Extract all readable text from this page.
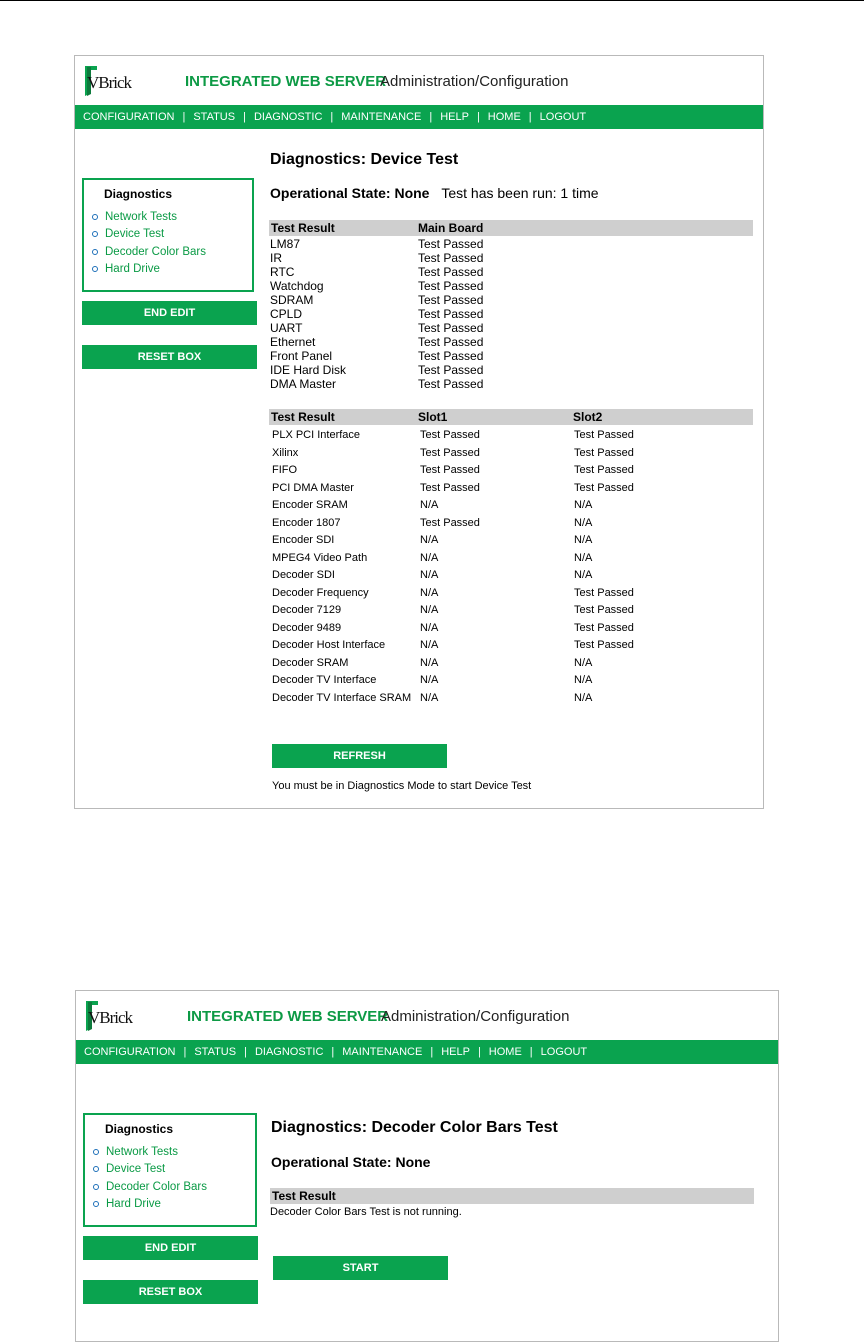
VBrick	INTEGRATED WEB SERVER
Administration/Configuration
CONFIGURATION | STATUS | DIAGNOSTIC | MAINTENANCE | HELP | HOME | LOGOUT
Diagnostics
Network Tests
Device Test
Decoder Color Bars
Hard Drive
END EDIT
RESET BOX
Diagnostics: Device Test
Operational State: None Test has been run: 1 time
Test Result	Main Board
LM87	Test Passed
IR	Test Passed
RTC	Test Passed
Watchdog	Test Passed
SDRAM	Test Passed
CPLD	Test Passed
UART	Test Passed
Ethernet	Test Passed
Front Panel	Test Passed
IDE Hard Disk	Test Passed
DMA Master	Test Passed
Test Result	Slot1	Slot2
PLX PCI Interface	Test Passed	Test Passed
Xilinx	Test Passed	Test Passed
FIFO	Test Passed	Test Passed
PCI DMA Master	Test Passed	Test Passed
Encoder SRAM	N/A	N/A
Encoder 1807	Test Passed	N/A
Encoder SDI	N/A	N/A
MPEG4 Video Path	N/A	N/A
Decoder SDI	N/A	N/A
Decoder Frequency	N/A	Test Passed
Decoder 7129	N/A	Test Passed
Decoder 9489	N/A	Test Passed
Decoder Host Interface	N/A	Test Passed
Decoder SRAM	N/A	N/A
Decoder TV Interface	N/A	N/A
Decoder TV Interface SRAM N/A	N/A
REFRESH
You must be in Diagnostics Mode to start Device Test
VBrick	INTEGRATED WEB SERVER
Administration/Configuration
CONFIGURATION | STATUS | DIAGNOSTIC | MAINTENANCE | HELP | HOME | LOGOUT
Diagnostics
Network Tests
Device Test
Decoder Color Bars
Hard Drive
END EDIT
RESET BOX
Diagnostics: Decoder Color Bars Test
Operational State: None
Test Result
Decoder Color Bars Test is not running.
START
